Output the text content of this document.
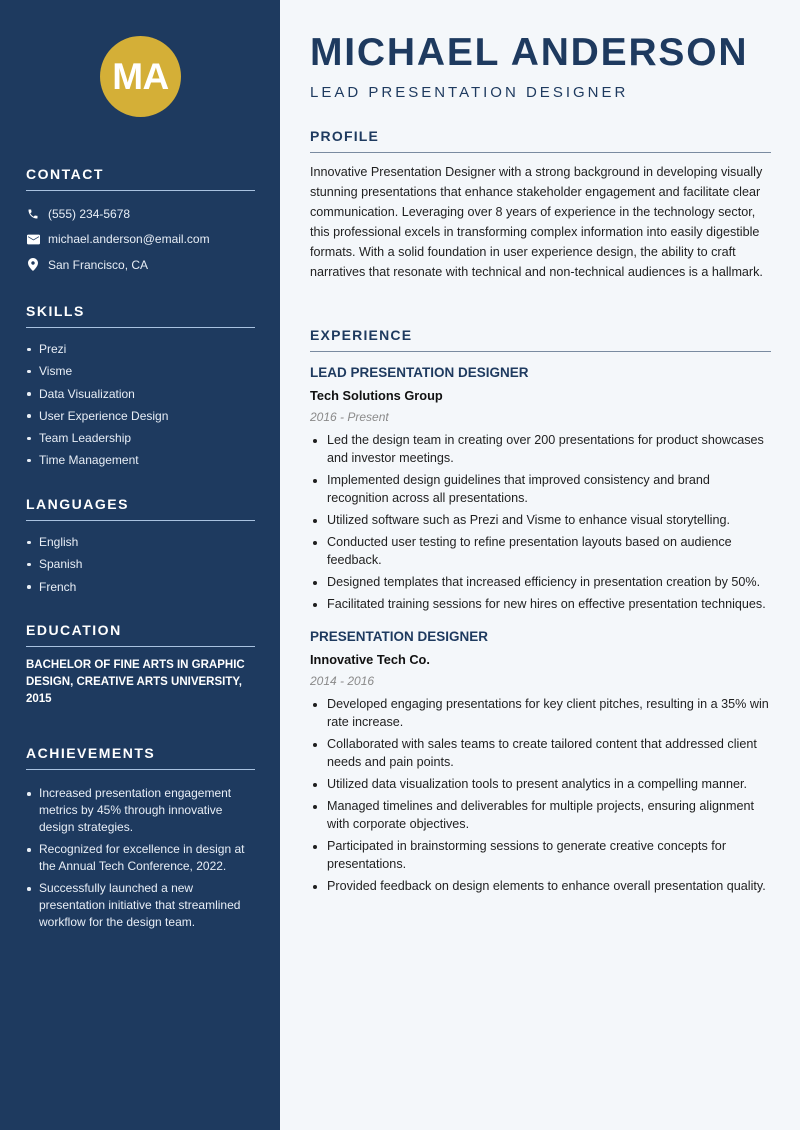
MA
CONTACT
(555) 234-5678
michael.anderson@email.com
San Francisco, CA
SKILLS
Prezi
Visme
Data Visualization
User Experience Design
Team Leadership
Time Management
LANGUAGES
English
Spanish
French
EDUCATION
BACHELOR OF FINE ARTS IN GRAPHIC DESIGN, CREATIVE ARTS UNIVERSITY, 2015
ACHIEVEMENTS
Increased presentation engagement metrics by 45% through innovative design strategies.
Recognized for excellence in design at the Annual Tech Conference, 2022.
Successfully launched a new presentation initiative that streamlined workflow for the design team.
MICHAEL ANDERSON
LEAD PRESENTATION DESIGNER
PROFILE

Innovative Presentation Designer with a strong background in developing visually stunning presentations that enhance stakeholder engagement and facilitate clear communication. Leveraging over 8 years of experience in the technology sector, this professional excels in transforming complex information into easily digestible formats. With a solid foundation in user experience design, the ability to craft narratives that resonate with technical and non-technical audiences is a hallmark.

EXPERIENCE
LEAD PRESENTATION DESIGNER
Tech Solutions Group
2016 - Present
Led the design team in creating over 200 presentations for product showcases and investor meetings.
Implemented design guidelines that improved consistency and brand recognition across all presentations.
Utilized software such as Prezi and Visme to enhance visual storytelling.
Conducted user testing to refine presentation layouts based on audience feedback.
Designed templates that increased efficiency in presentation creation by 50%.
Facilitated training sessions for new hires on effective presentation techniques.
PRESENTATION DESIGNER
Innovative Tech Co.
2014 - 2016
Developed engaging presentations for key client pitches, resulting in a 35% win rate increase.
Collaborated with sales teams to create tailored content that addressed client needs and pain points.
Utilized data visualization tools to present analytics in a compelling manner.
Managed timelines and deliverables for multiple projects, ensuring alignment with corporate objectives.
Participated in brainstorming sessions to generate creative concepts for presentations.
Provided feedback on design elements to enhance overall presentation quality.
